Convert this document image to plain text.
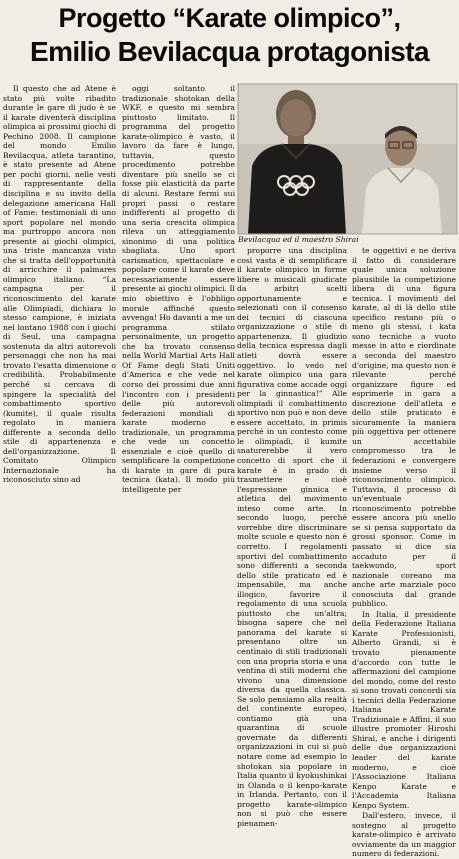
Progetto “Karate olimpico”,
Emilio Bevilacqua protagonista

Il questo che ad Atene è stato più volte ribadito durante le gare di judo è se il karate diventerà disciplina olimpica ai prossimi giochi di Pechino 2008. Il campione del mondo Emilio Bevilacqua, atleta tarantino, è stato presente ad Atene per pochi giorni, nelle vesti di rappresentante della disciplina e su invito della delegazione americana Hall of Fame: testimoniali di uno sport popolare nel mondo ma purtroppo ancora non presente ai giochi olimpici, una triste mancanza visto che si tratta dell'opportunità di arricchire il palmares olimpico italiano. “La campagna per il riconoscimento del karate alle Olimpiadi, dichiara lo stesso campione, è iniziata nel lontano 1988 con i giochi di Seul, una campagna sostenuta da altri autorevoli personaggi che non ha mai trovato l'esatta dimensione o credibilità. Probabilmente perché si cercava di spingere la specialità del combattimento sportivo (kumite), il quale risulta regolato in maniera differente a seconda dello stile di appartenenza e dell'organizzazione. Il Comitato Olimpico Internazionale ha riconosciuto sino ad

oggi soltanto il tradizionale shotokan della WKF, e questo mi sembra piuttosto limitato. Il programma del progetto karate-olimpico è vasto, il lavoro da fare è lungo, tuttavia, questo procedimento potrebbe diventare più snello se ci fosse più elasticità da parte di alcuni. Restare fermi sui propri passi o restare indifferenti al progetto di una seria crescita olimpica rileva un atteggiamento sinonimo di una politica sbagliata. Uno sport carismatico, spettacolare e popolare come il karate deve necessariamente essere presente ai giochi olimpici. Il mio obiettivo è l'obbligo morale affinché questo avvenga! Ho davanti a me un programma stilato personalmente, un progetto che ha trovato consenso nella World Martial Arts Hall Of Fame degli Stati Uniti d'America e che vede nel corso dei prossimi due anni l'incontro con i presidenti delle più autorevoli federazioni mondiali di karate moderno e tradizionale, un programma che vede un concetto essenziale e cioè quello di semplificare la competizione di karate in gare di pura tecnica (kata). Il modo più intelligente per

Bevilacqua ed il maestro Shirai

proporre una disciplina così vasta è di semplificare il karate olimpico in forme libere o musicali giudicate da arbitri scelti opportunamente e selezionati con il consenso dei tecnici di ciascuna organizzazione o stile di appartenenza. Il giudizio della tecnica espressa dagli atleti dovrà essere oggettivo. Io vedo nel karate olimpico una gara figurativa come accade oggi per la ginnastica!” Alle olimpiadi il combattimento sportivo non può e non deve essere accettato, in primis perché in un contesto come le olimpiadi, il kumite snaturerebbe il vero concetto di sport che il karate è in grado di trasmettere e cioè l'espressione ginnica e atletica del movimento inteso come arte. In secondo luogo, perché vorrebbe dire discriminare molte scuole e questo non è corretto. I regolamenti sportivi del combattimento sono differenti a seconda dello stile praticato ed è impensabile, ma anche illogico, favorire il regolamento di una scuola piuttosto che un'altra; bisogna sapere che nel panorama del karate si presentano oltre un centinaio di stili tradizionali con una propria storia e una ventina di stili moderni che vivono una dimensione diversa da quella classica. Se solo pensiamo alla realtà del continente europeo, contiamo già una quarantina di scuole governate da differenti organizzazioni in cui si può notare come ad esempio lo shotokan sia popolare in Italia quanto il kyokushinkai in Olanda o il kenpo-karate in Irlanda. Pertanto, con il progetto karate-olimpico non si può che essere pienamen-

te oggettivi e ne deriva il fatto di considerare quale unica soluzione plausibile la competizione libera di una figura tecnica. I movimenti del karate, al di là dello stile specifico restano più o meno gli stessi, i kata sono tecniche a vuoto messe in atto e riordinate a seconda del maestro d'origine, ma questo non è rilevante perché organizzare figure ed esprimerle in gara a discrezione dell'atleta e dello stile praticato è sicuramente la maniera più oggettiva per ottenere un accettabile compromesso tra le federazioni e convergere insieme verso il riconoscimento olimpico. Tuttavia, il processo di un'eventuale riconoscimento potrebbe essere ancora più snello se si pensa supportato da grossi sponsor. Come in passato si dice sia accaduto per il taekwondo, sport nazionale coreano ma anche arte marziale poco conosciuta dal grande pubblico.

In Italia, il presidente della Federazione Italiana Karate Professionisti, Alberto Grandi, si è trovato pienamente d'accordo con tutte le affermazioni del campione del mondo, come del resto si sono trovati concordi sia i tecnici della Federazione Italiana Karate Tradizionale e Affini, il suo illustre promoter Hiroshi Shirai, e anche i dirigenti delle due organizzazioni leader del karate moderno, e cioè l'Associazione Italiana Kenpo Karate e l'Accademia Italiana Kenpo System.

Dall'estero, invece, il sostegno al progetto karate-olimpico è arrivato ovviamente da un maggior numero di federazioni.
